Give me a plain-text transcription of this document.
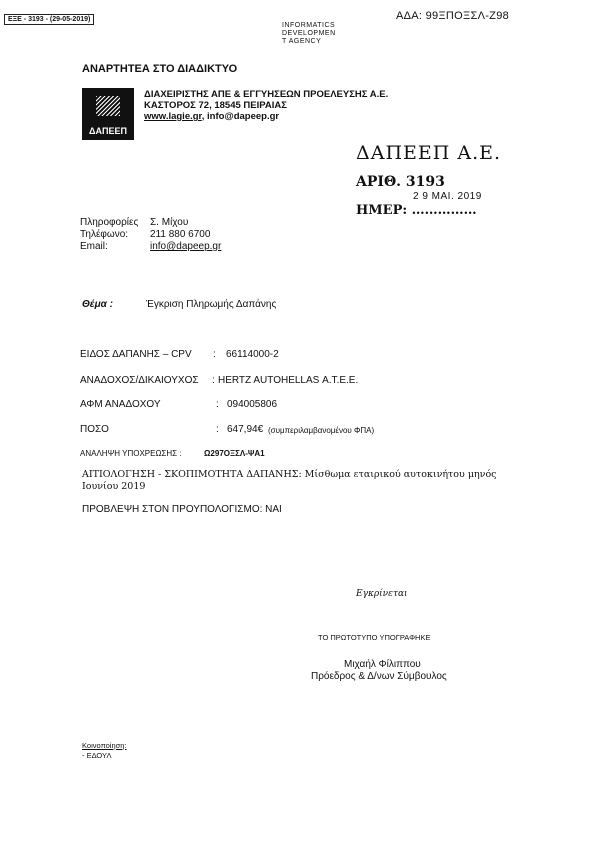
ΕΞΕ - 3193 - (29-05-2019)	ΑΔΑ: 99ΞΠΟΞΣΛ-Ζ98
INFORMATICS
DEVELOPMEN
T AGENCY
ΑΝΑΡΤΗΤΕΑ ΣΤΟ ΔΙΑΔΙΚΤΥΟ
ΔΑΠΕΕΠ
ΔΙΑΧΕΙΡΙΣΤΗΣ ΑΠΕ & ΕΓΓΥΗΣΕΩΝ ΠΡΟΕΛΕΥΣΗΣ Α.Ε.
ΚΑΣΤΟΡΟΣ 72, 18545 ΠΕΙΡΑΙΑΣ
www.lagie.gr, info@dapeep.gr
ΔΑΠΕΕΠ Α.Ε.
ΑΡΙΘ. 3193
2 9 ΜΑΙ. 2019
ΗΜΕΡ: ……………
Πληροφορίες Σ. Μίχου
Τηλέφωνο: 211 880 6700
Email:	info@dapeep.gr
Θέμα :	Έγκριση Πληρωμής Δαπάνης
ΕΙΔΟΣ ΔΑΠΑΝΗΣ – CPV : 66114000-2
ΑΝΑΔΟΧΟΣ/ΔΙΚΑΙΟΥΧΟΣ : HERTZ AUTOHELLAS Α.Τ.Ε.Ε.
ΑΦΜ ΑΝΑΔΟΧΟΥ	: 094005806
ΠΟΣΟ	: 647,94€ (συμπεριλαμβανομένου ΦΠΑ)
ΑΝΑΛΗΨΗ ΥΠΟΧΡΕΩΣΗΣ :	Ω297ΟΞΣΛ-ΨΑ1
ΑΙΤΙΟΛΟΓΗΣΗ - ΣΚΟΠΙΜΟΤΗΤΑ ΔΑΠΑΝΗΣ: Μίσθωμα εταιρικού αυτοκινήτου μηνός Ιουνίου 2019
ΠΡΟΒΛΕΨΗ ΣΤΟΝ ΠΡΟΥΠΟΛΟΓΙΣΜΟ: ΝΑΙ
Εγκρίνεται
ΤΟ ΠΡΩΤΟΤΥΠΟ ΥΠΟΓΡΑΦΗΚΕ
Μιχαήλ Φίλιππου
Πρόεδρος & Δ/νων Σύμβουλος
Κοινοποίηση:
- ΕΔΟΥΛ
